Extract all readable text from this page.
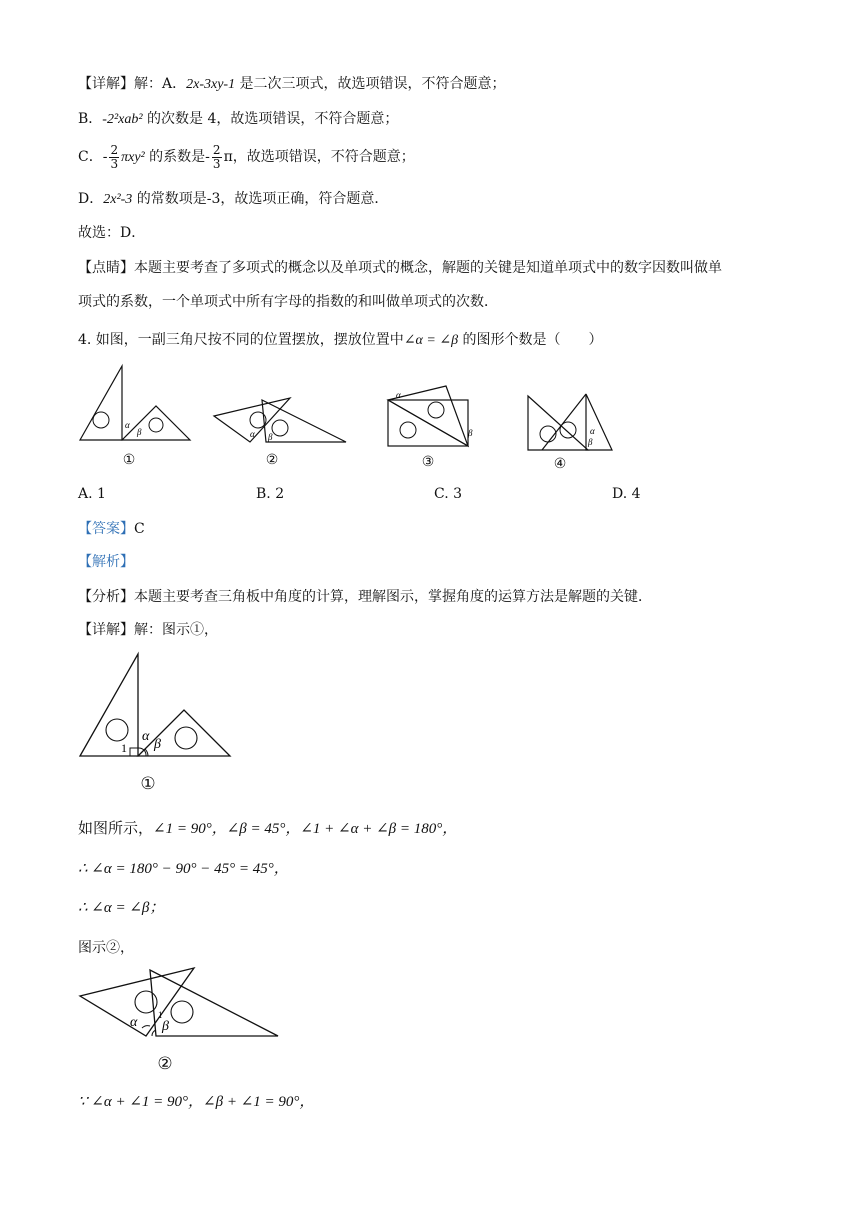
【详解】解：A．2x-3xy-1 是二次三项式，故选项错误，不符合题意；
B．-2²xab² 的次数是 4，故选项错误，不符合题意；
C．- $\frac{2}{3} \pi xy^2$ 的系数是- $\frac{2}{3}$ π，故选项错误，不符合题意；
D．2x²-3 的常数项是-3，故选项正确，符合题意．
故选：D．
【点睛】本题主要考查了多项式的概念以及单项式的概念，解题的关键是知道单项式中的数字因数叫做单
项式的系数，一个单项式中所有字母的指数的和叫做单项式的次数．
4. 如图，一副三角尺按不同的位置摆放，摆放位置中∠α = ∠β 的图形个数是（　　）
α
β
①
α β
②
α
β
③
α
β
④
A. 1	B. 2	C. 3	D. 4
【答案】C
【解析】
【分析】本题主要考查三角板中角度的计算，理解图示，掌握角度的运算方法是解题的关键．
【详解】解：图示①，
1
α
β
①
如图所示，∠1 = 90°，∠β = 45°，∠1 + ∠α + ∠β = 180°，
∴ ∠α = 180° − 90° − 45° = 45°，
∴ ∠α = ∠β；
图示②，
α 1
β
②
∵ ∠α + ∠1 = 90°，∠β + ∠1 = 90°，
